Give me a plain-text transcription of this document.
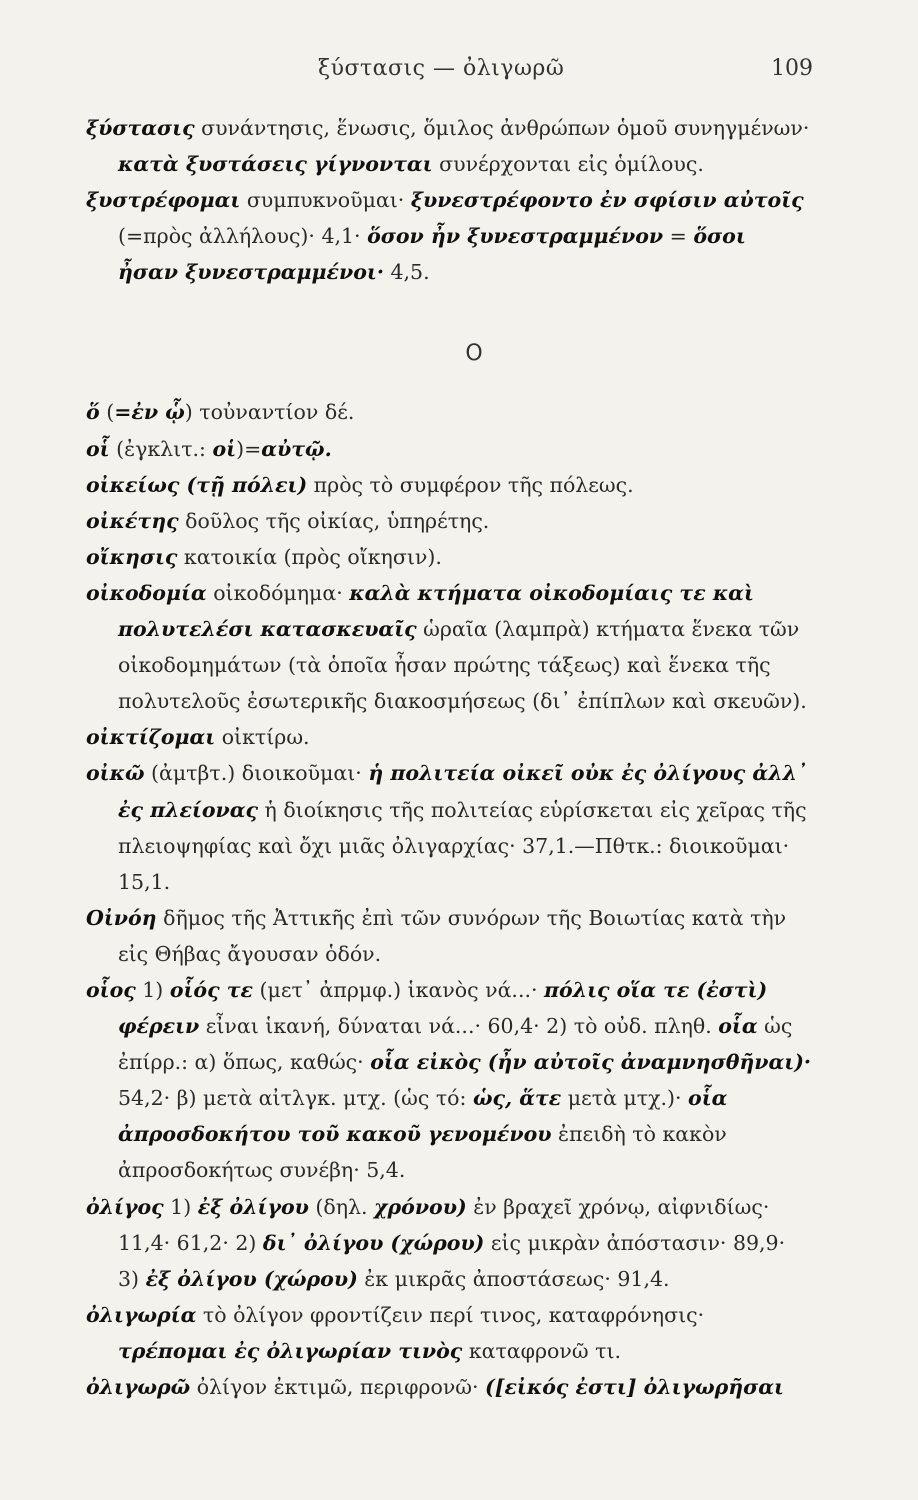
ξύστασις — ὀλιγωρῶ	109

ξύστασις συνάντησις, ἕνωσις, ὅμιλος ἀνθρώπων ὁμοῦ συνηγμένων· κατὰ ξυστάσεις γίγνονται συνέρχονται εἰς ὁμίλους.

ξυστρέφομαι συμπυκνοῦμαι· ξυνεστρέφοντο ἐν σφίσιν αὐτοῖς (=πρὸς ἀλλήλους)· 4,1· ὅσον ἦν ξυνεστραμμένον = ὅσοι ἦσαν ξυνεστραμμένοι· 4,5.

Ο

ὅ (=ἐν ᾧ) τοὐναντίον δέ.

οἷ (ἐγκλιτ.: οἱ)=αὐτῷ.

οἰκείως (τῇ πόλει) πρὸς τὸ συμφέρον τῆς πόλεως.

οἰκέτης δοῦλος τῆς οἰκίας, ὑπηρέτης.

οἴκησις κατοικία (πρὸς οἴκησιν).

οἰκοδομία οἰκοδόμημα· καλὰ κτήματα οἰκοδομίαις τε καὶ πολυτελέσι κατασκευαῖς ὡραῖα (λαμπρὰ) κτήματα ἕνεκα τῶν οἰκοδομημάτων (τὰ ὁποῖα ἦσαν πρώτης τάξεως) καὶ ἕνεκα τῆς πολυτελοῦς ἐσωτερικῆς διακοσμήσεως (δι᾽ ἐπίπλων καὶ σκευῶν).

οἰκτίζομαι οἰκτίρω.

οἰκῶ (ἀμτβτ.) διοικοῦμαι· ἡ πολιτεία οἰκεῖ οὐκ ἐς ὀλίγους ἀλλ᾽ ἐς πλείονας ἡ διοίκησις τῆς πολιτείας εὑρίσκεται εἰς χεῖρας τῆς πλειοψηφίας καὶ ὄχι μιᾶς ὀλιγαρχίας· 37,1.—Πθτκ.: διοικοῦμαι· 15,1.

Οἰνόη δῆμος τῆς Ἀττικῆς ἐπὶ τῶν συνόρων τῆς Βοιωτίας κατὰ τὴν εἰς Θήβας ἄγουσαν ὁδόν.

οἷος 1) οἷός τε (μετ᾽ ἀπρμφ.) ἱκανὸς νά...· πόλις οἵα τε (ἐστὶ) φέρειν εἶναι ἱκανή, δύναται νά...· 60,4· 2) τὸ οὐδ. πληθ. οἷα ὡς ἐπίρρ.: α) ὅπως, καθώς· οἷα εἰκὸς (ἦν αὐτοῖς ἀναμνησθῆναι)· 54,2· β) μετὰ αἰτλγκ. μτχ. (ὡς τό: ὡς, ἅτε μετὰ μτχ.)· οἷα ἀπροσδοκήτου τοῦ κακοῦ γενομένου ἐπειδὴ τὸ κακὸν ἀπροσδοκήτως συνέβη· 5,4.

ὀλίγος 1) ἐξ ὀλίγου (δηλ. χρόνου) ἐν βραχεῖ χρόνῳ, αἰφνιδίως· 11,4· 61,2· 2) δι᾽ ὀλίγου (χώρου) εἰς μικρὰν ἀπόστασιν· 89,9· 3) ἐξ ὀλίγου (χώρου) ἐκ μικρᾶς ἀποστάσεως· 91,4.

ὀλιγωρία τὸ ὀλίγον φροντίζειν περί τινος, καταφρόνησις· τρέπομαι ἐς ὀλιγωρίαν τινὸς καταφρονῶ τι.

ὀλιγωρῶ ὀλίγον ἐκτιμῶ, περιφρονῶ· ([εἰκός ἐστι] ὀλιγωρῆσαι
